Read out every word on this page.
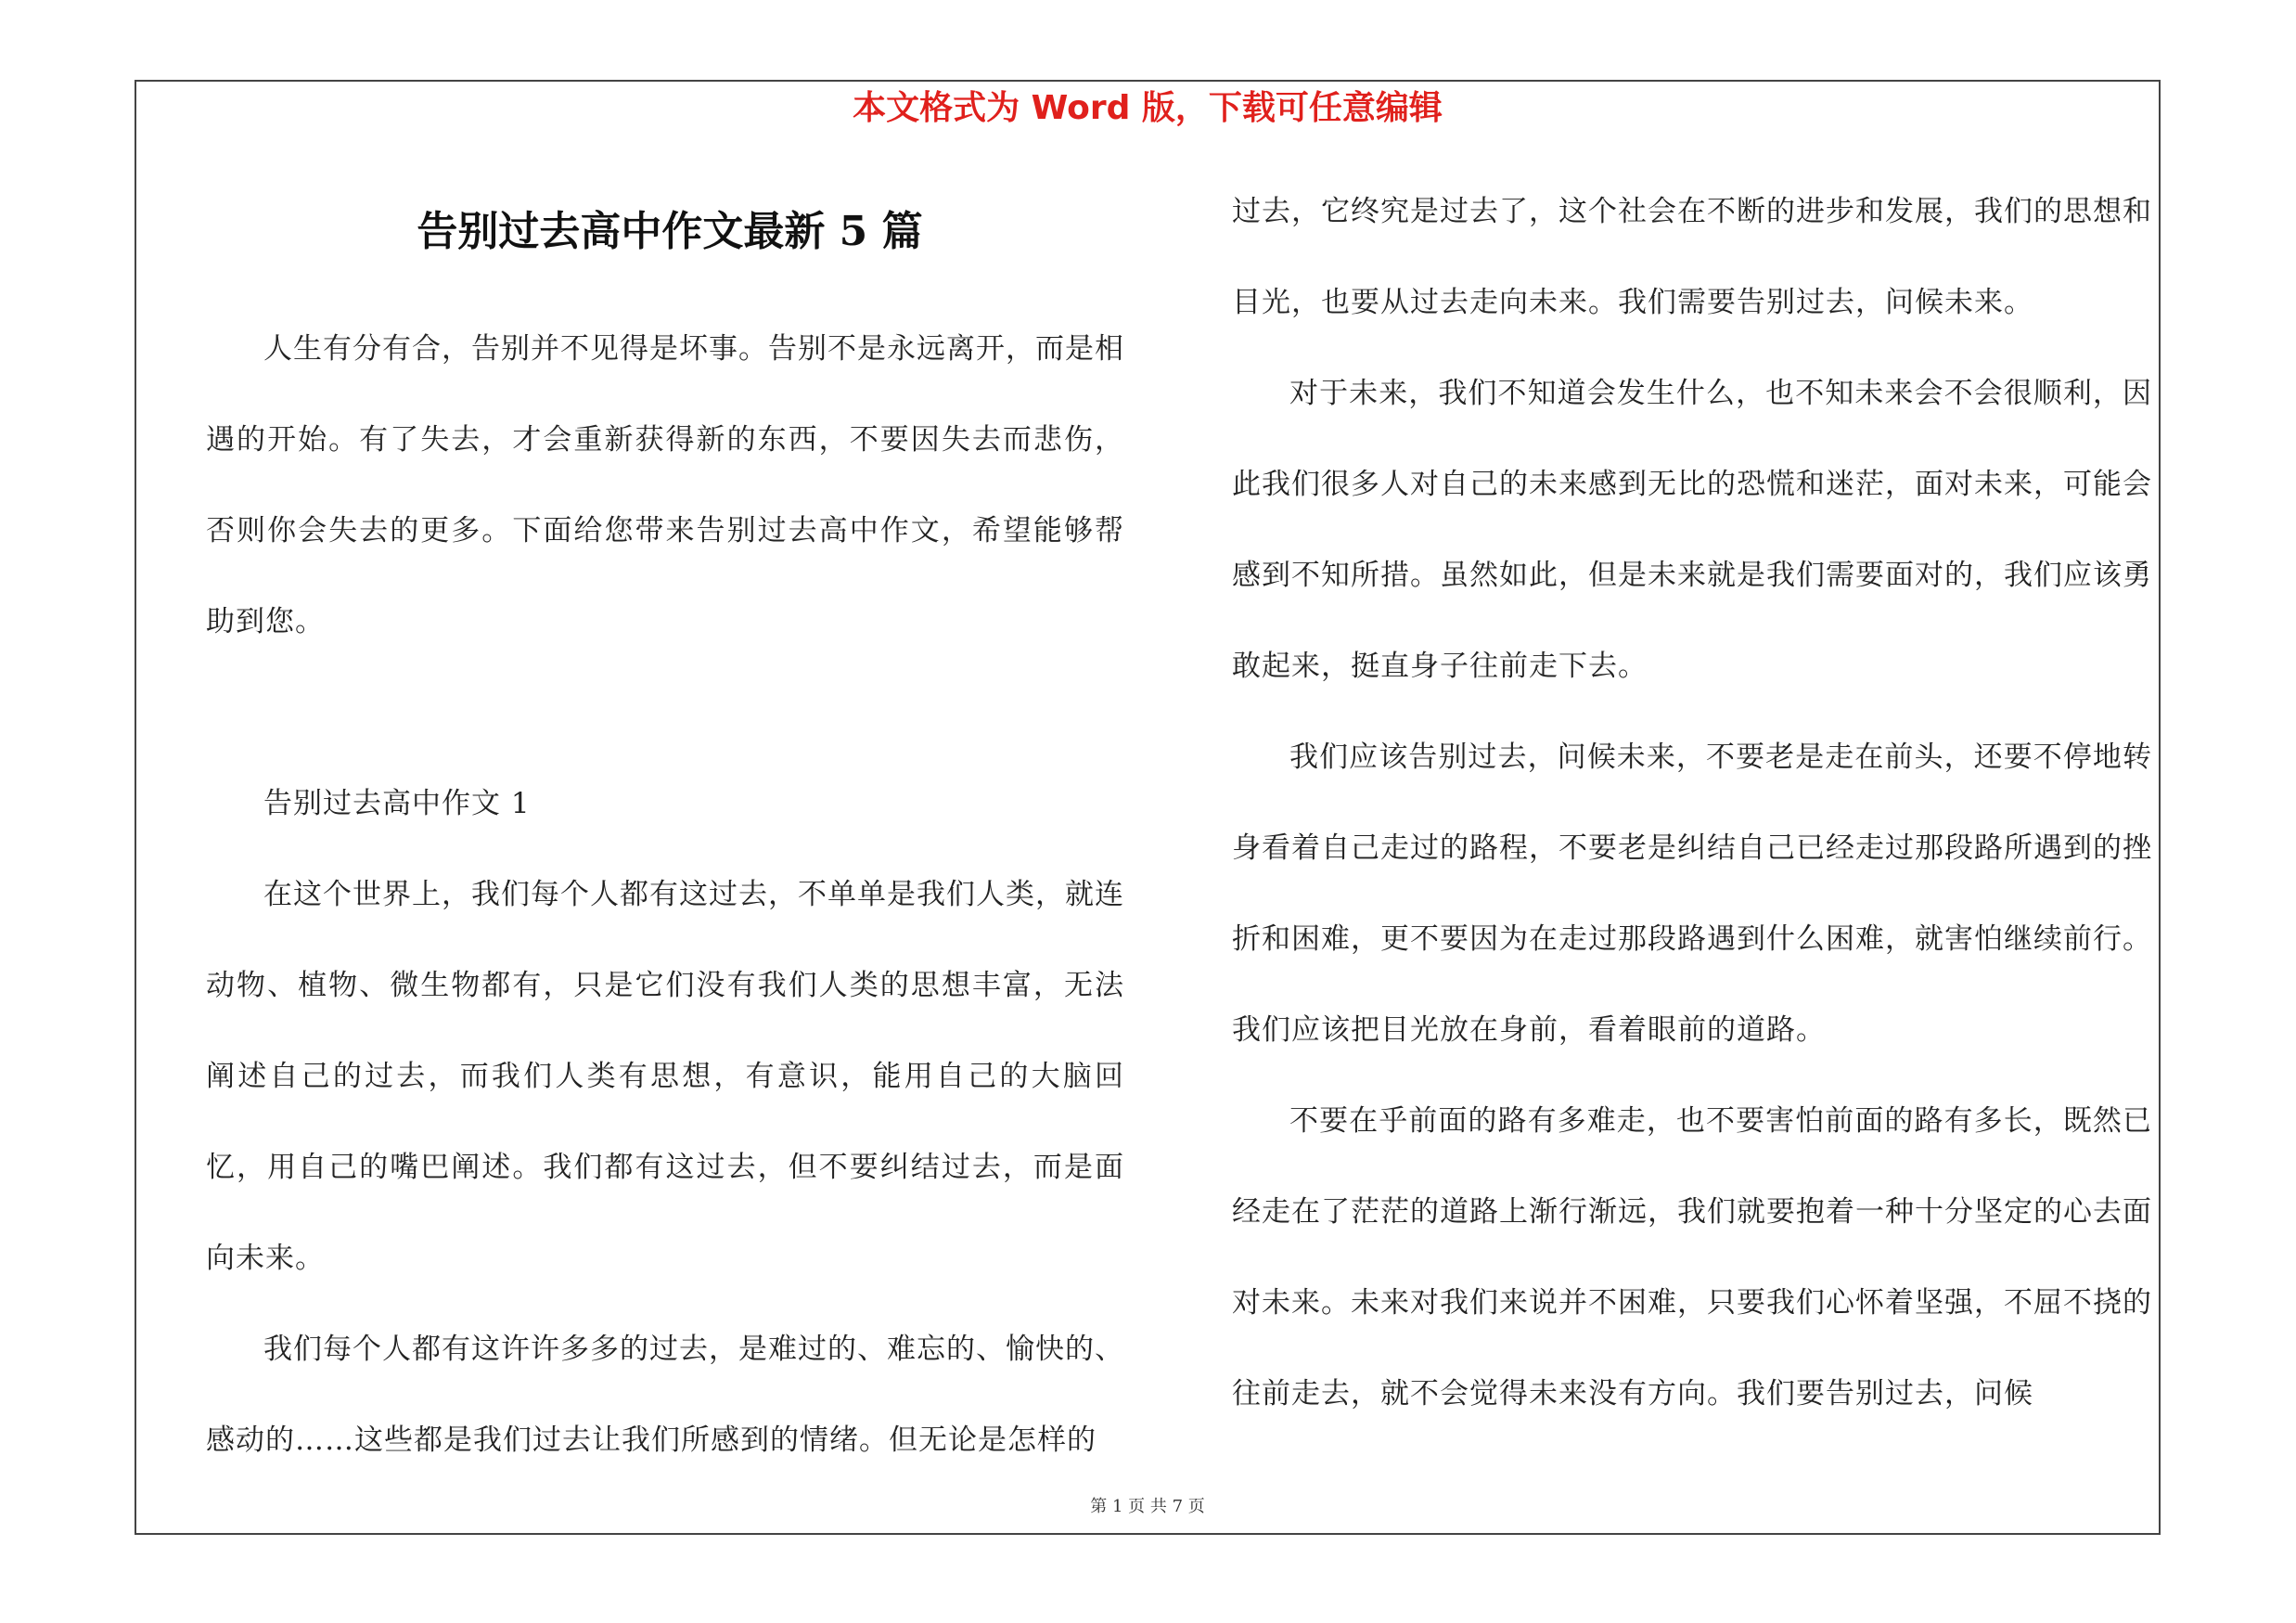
本文格式为 Word 版，下载可任意编辑
告别过去高中作文最新 5 篇

人生有分有合，告别并不见得是坏事。告别不是永远离开，而是相遇的开始。有了失去，才会重新获得新的东西，不要因失去而悲伤，否则你会失去的更多。下面给您带来告别过去高中作文，希望能够帮助到您。

告别过去高中作文 1

在这个世界上，我们每个人都有这过去，不单单是我们人类，就连动物、植物、微生物都有，只是它们没有我们人类的思想丰富，无法阐述自己的过去，而我们人类有思想，有意识，能用自己的大脑回忆，用自己的嘴巴阐述。我们都有这过去，但不要纠结过去，而是面向未来。

我们每个人都有这许许多多的过去，是难过的、难忘的、愉快的、感动的……这些都是我们过去让我们所感到的情绪。但无论是怎样的

过去，它终究是过去了，这个社会在不断的进步和发展，我们的思想和目光，也要从过去走向未来。我们需要告别过去，问候未来。

对于未来，我们不知道会发生什么，也不知未来会不会很顺利，因此我们很多人对自己的未来感到无比的恐慌和迷茫，面对未来，可能会感到不知所措。虽然如此，但是未来就是我们需要面对的，我们应该勇敢起来，挺直身子往前走下去。

我们应该告别过去，问候未来，不要老是走在前头，还要不停地转身看着自己走过的路程，不要老是纠结自己已经走过那段路所遇到的挫折和困难，更不要因为在走过那段路遇到什么困难，就害怕继续前行。我们应该把目光放在身前，看着眼前的道路。

不要在乎前面的路有多难走，也不要害怕前面的路有多长，既然已经走在了茫茫的道路上渐行渐远，我们就要抱着一种十分坚定的心去面对未来。未来对我们来说并不困难，只要我们心怀着坚强，不屈不挠的往前走去，就不会觉得未来没有方向。我们要告别过去，问候

第 1 页 共 7 页
